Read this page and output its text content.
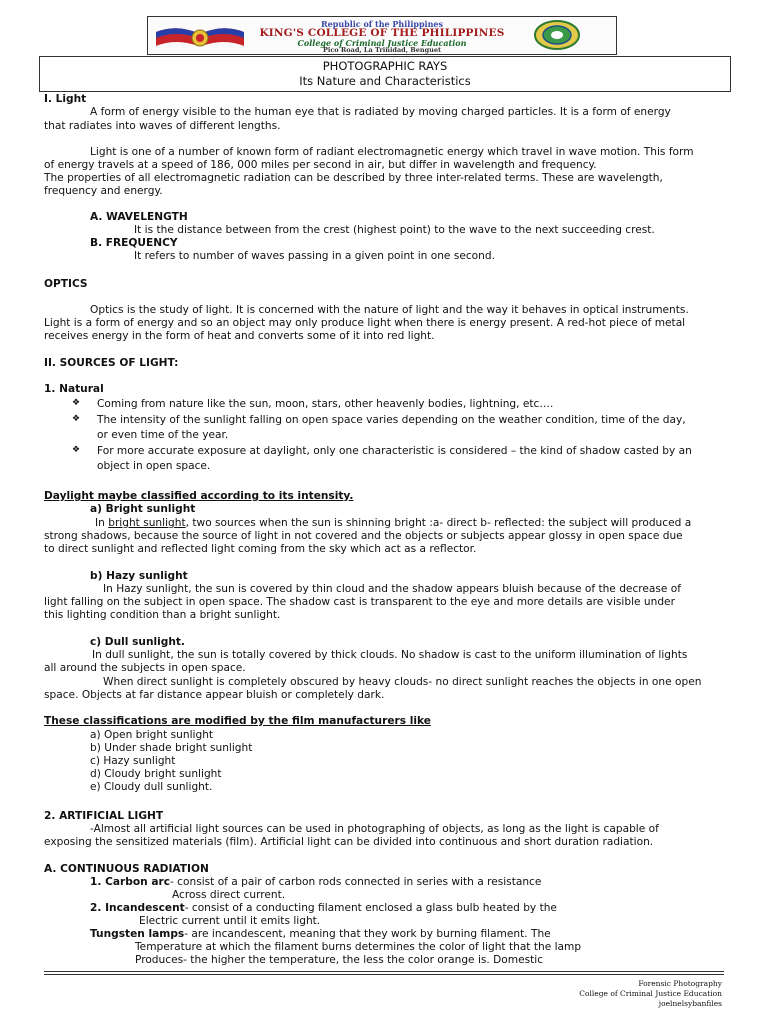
Republic of the Philippines
KING'S COLLEGE OF THE PHILIPPINES
College of Criminal Justice Education
Pico Road, La Trinidad, Benguet
PHOTOGRAPHIC RAYS
Its Nature and Characteristics
I. Light
A form of energy visible to the human eye that is radiated by moving charged particles. It is a form of energy
that radiates into waves of different lengths.
Light is one of a number of known form of radiant electromagnetic energy which travel in wave motion. This form
of energy travels at a speed of 186, 000 miles per second in air, but differ in wavelength and frequency.
The properties of all electromagnetic radiation can be described by three inter-related terms. These are wavelength,
frequency and energy.
A. WAVELENGTH
It is the distance between from the crest (highest point) to the wave to the next succeeding crest.
B. FREQUENCY
It refers to number of waves passing in a given point in one second.
OPTICS
Optics is the study of light. It is concerned with the nature of light and the way it behaves in optical instruments.
Light is a form of energy and so an object may only produce light when there is energy present. A red-hot piece of metal
receives energy in the form of heat and converts some of it into red light.
II. SOURCES OF LIGHT:
1. Natural
❖ Coming from nature like the sun, moon, stars, other heavenly bodies, lightning, etc….
❖ The intensity of the sunlight falling on open space varies depending on the weather condition, time of the day,
or even time of the year.
❖ For more accurate exposure at daylight, only one characteristic is considered – the kind of shadow casted by an
object in open space.
Daylight maybe classified according to its intensity.
a) Bright sunlight
In bright sunlight, two sources when the sun is shinning bright :a- direct b- reflected: the subject will produced a
strong shadows, because the source of light in not covered and the objects or subjects appear glossy in open space due
to direct sunlight and reflected light coming from the sky which act as a reflector.
b) Hazy sunlight
In Hazy sunlight, the sun is covered by thin cloud and the shadow appears bluish because of the decrease of
light falling on the subject in open space. The shadow cast is transparent to the eye and more details are visible under
this lighting condition than a bright sunlight.
c) Dull sunlight.
In dull sunlight, the sun is totally covered by thick clouds. No shadow is cast to the uniform illumination of lights
all around the subjects in open space.
When direct sunlight is completely obscured by heavy clouds- no direct sunlight reaches the objects in one open
space. Objects at far distance appear bluish or completely dark.
These classifications are modified by the film manufacturers like
a) Open bright sunlight
b) Under shade bright sunlight
c) Hazy sunlight
d) Cloudy bright sunlight
e) Cloudy dull sunlight.
2. ARTIFICIAL LIGHT
-Almost all artificial light sources can be used in photographing of objects, as long as the light is capable of
exposing the sensitized materials (film). Artificial light can be divided into continuous and short duration radiation.
A. CONTINUOUS RADIATION
1. Carbon arc- consist of a pair of carbon rods connected in series with a resistance
Across direct current.
2. Incandescent- consist of a conducting filament enclosed a glass bulb heated by the
Electric current until it emits light.
Tungsten lamps- are incandescent, meaning that they work by burning filament. The
Temperature at which the filament burns determines the color of light that the lamp
Produces- the higher the temperature, the less the color orange is. Domestic
Forensic Photography
College of Criminal Justice Education
joelnelsybanfiles
